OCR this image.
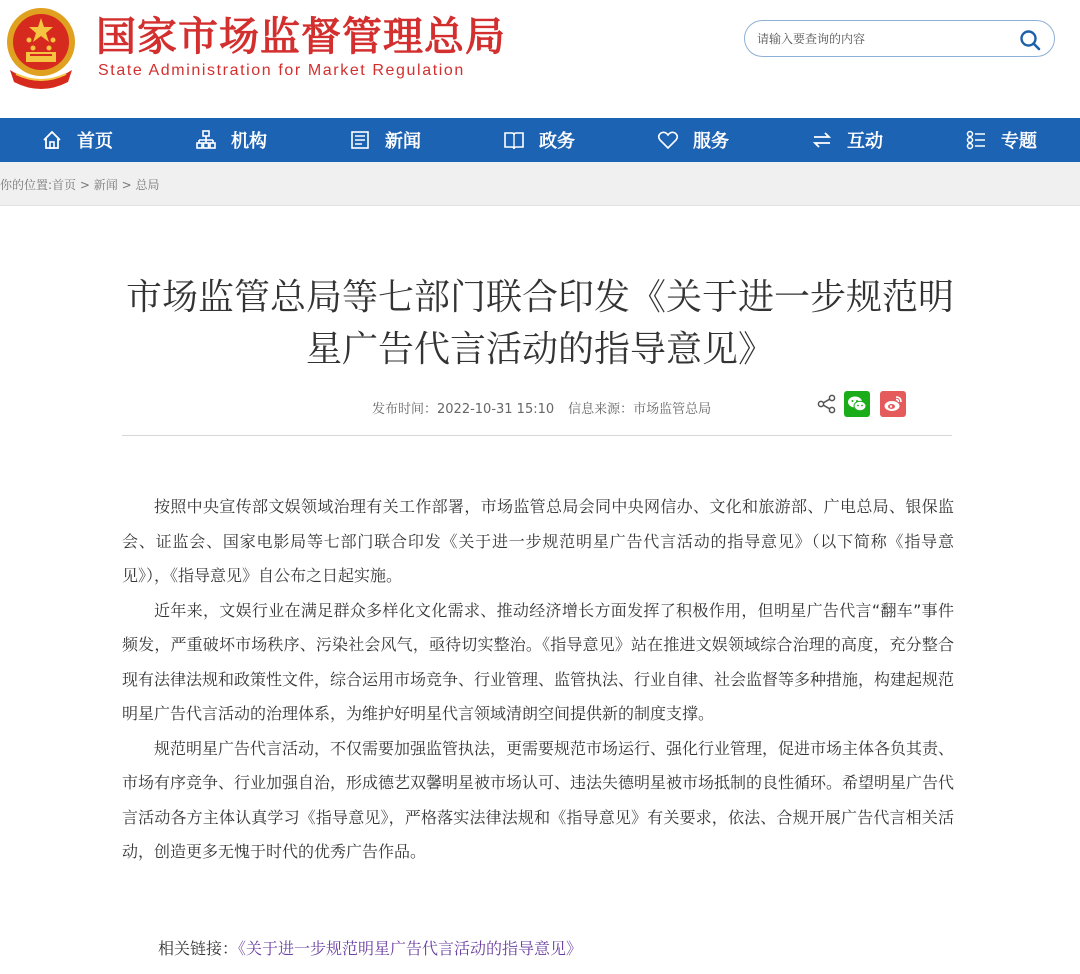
国家市场监督管理总局
State Administration for Market Regulation
请输入要查询的内容
首页	机构	新闻	政务	服务	互动	专题
你的位置:首页 > 新闻 > 总局
市场监管总局等七部门联合印发《关于进一步规范明星广告代言活动的指导意见》
发布时间：2022-10-31 15:10 信息来源：市场监管总局

按照中央宣传部文娱领域治理有关工作部署，市场监管总局会同中央网信办、文化和旅游部、广电总局、银保监会、证监会、国家电影局等七部门联合印发《关于进一步规范明星广告代言活动的指导意见》（以下简称《指导意见》），《指导意见》自公布之日起实施。

近年来，文娱行业在满足群众多样化文化需求、推动经济增长方面发挥了积极作用，但明星广告代言“翻车”事件频发，严重破坏市场秩序、污染社会风气，亟待切实整治。《指导意见》站在推进文娱领域综合治理的高度，充分整合现有法律法规和政策性文件，综合运用市场竞争、行业管理、监管执法、行业自律、社会监督等多种措施，构建起规范明星广告代言活动的治理体系，为维护好明星代言领域清朗空间提供新的制度支撑。

规范明星广告代言活动，不仅需要加强监管执法，更需要规范市场运行、强化行业管理，促进市场主体各负其责、市场有序竞争、行业加强自治，形成德艺双馨明星被市场认可、违法失德明星被市场抵制的良性循环。希望明星广告代言活动各方主体认真学习《指导意见》，严格落实法律法规和《指导意见》有关要求，依法、合规开展广告代言相关活动，创造更多无愧于时代的优秀广告作品。

相关链接：《关于进一步规范明星广告代言活动的指导意见》
